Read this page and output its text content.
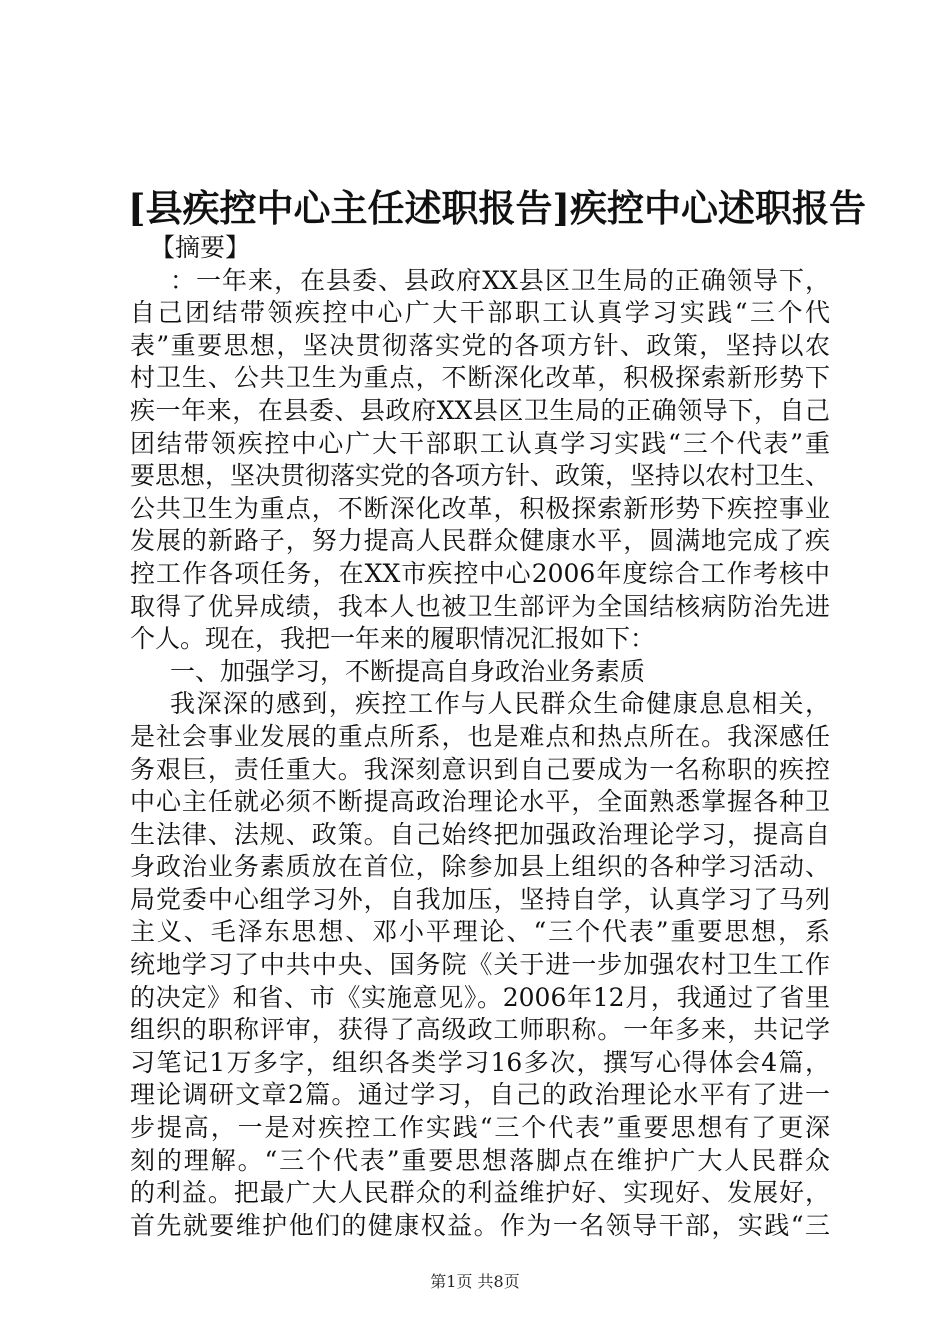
[县疾控中心主任述职报告]疾控中心述职报告
【摘要】
：一年来，在县委、县政府XX县区卫生局的正确领导下，
自己团结带领疾控中心广大干部职工认真学习实践“三个代
表”重要思想，坚决贯彻落实党的各项方针、政策，坚持以农
村卫生、公共卫生为重点，不断深化改革，积极探索新形势下
疾一年来，在县委、县政府XX县区卫生局的正确领导下，自己
团结带领疾控中心广大干部职工认真学习实践“三个代表”重
要思想，坚决贯彻落实党的各项方针、政策，坚持以农村卫生、
公共卫生为重点，不断深化改革，积极探索新形势下疾控事业
发展的新路子，努力提高人民群众健康水平，圆满地完成了疾
控工作各项任务，在XX市疾控中心2006年度综合工作考核中
取得了优异成绩，我本人也被卫生部评为全国结核病防治先进
个人。现在，我把一年来的履职情况汇报如下：
一、加强学习，不断提高自身政治业务素质
我深深的感到，疾控工作与人民群众生命健康息息相关，
是社会事业发展的重点所系，也是难点和热点所在。我深感任
务艰巨，责任重大。我深刻意识到自己要成为一名称职的疾控
中心主任就必须不断提高政治理论水平，全面熟悉掌握各种卫
生法律、法规、政策。自己始终把加强政治理论学习，提高自
身政治业务素质放在首位，除参加县上组织的各种学习活动、
局党委中心组学习外，自我加压，坚持自学，认真学习了马列
主义、毛泽东思想、邓小平理论、“三个代表”重要思想，系
统地学习了中共中央、国务院《关于进一步加强农村卫生工作
的决定》和省、市《实施意见》。2006年12月，我通过了省里
组织的职称评审，获得了高级政工师职称。一年多来，共记学
习笔记1万多字，组织各类学习16多次，撰写心得体会4篇，
理论调研文章2篇。通过学习，自己的政治理论水平有了进一
步提高，一是对疾控工作实践“三个代表”重要思想有了更深
刻的理解。“三个代表”重要思想落脚点在维护广大人民群众
的利益。把最广大人民群众的利益维护好、实现好、发展好，
首先就要维护他们的健康权益。作为一名领导干部，实践“三
第1页 共8页
